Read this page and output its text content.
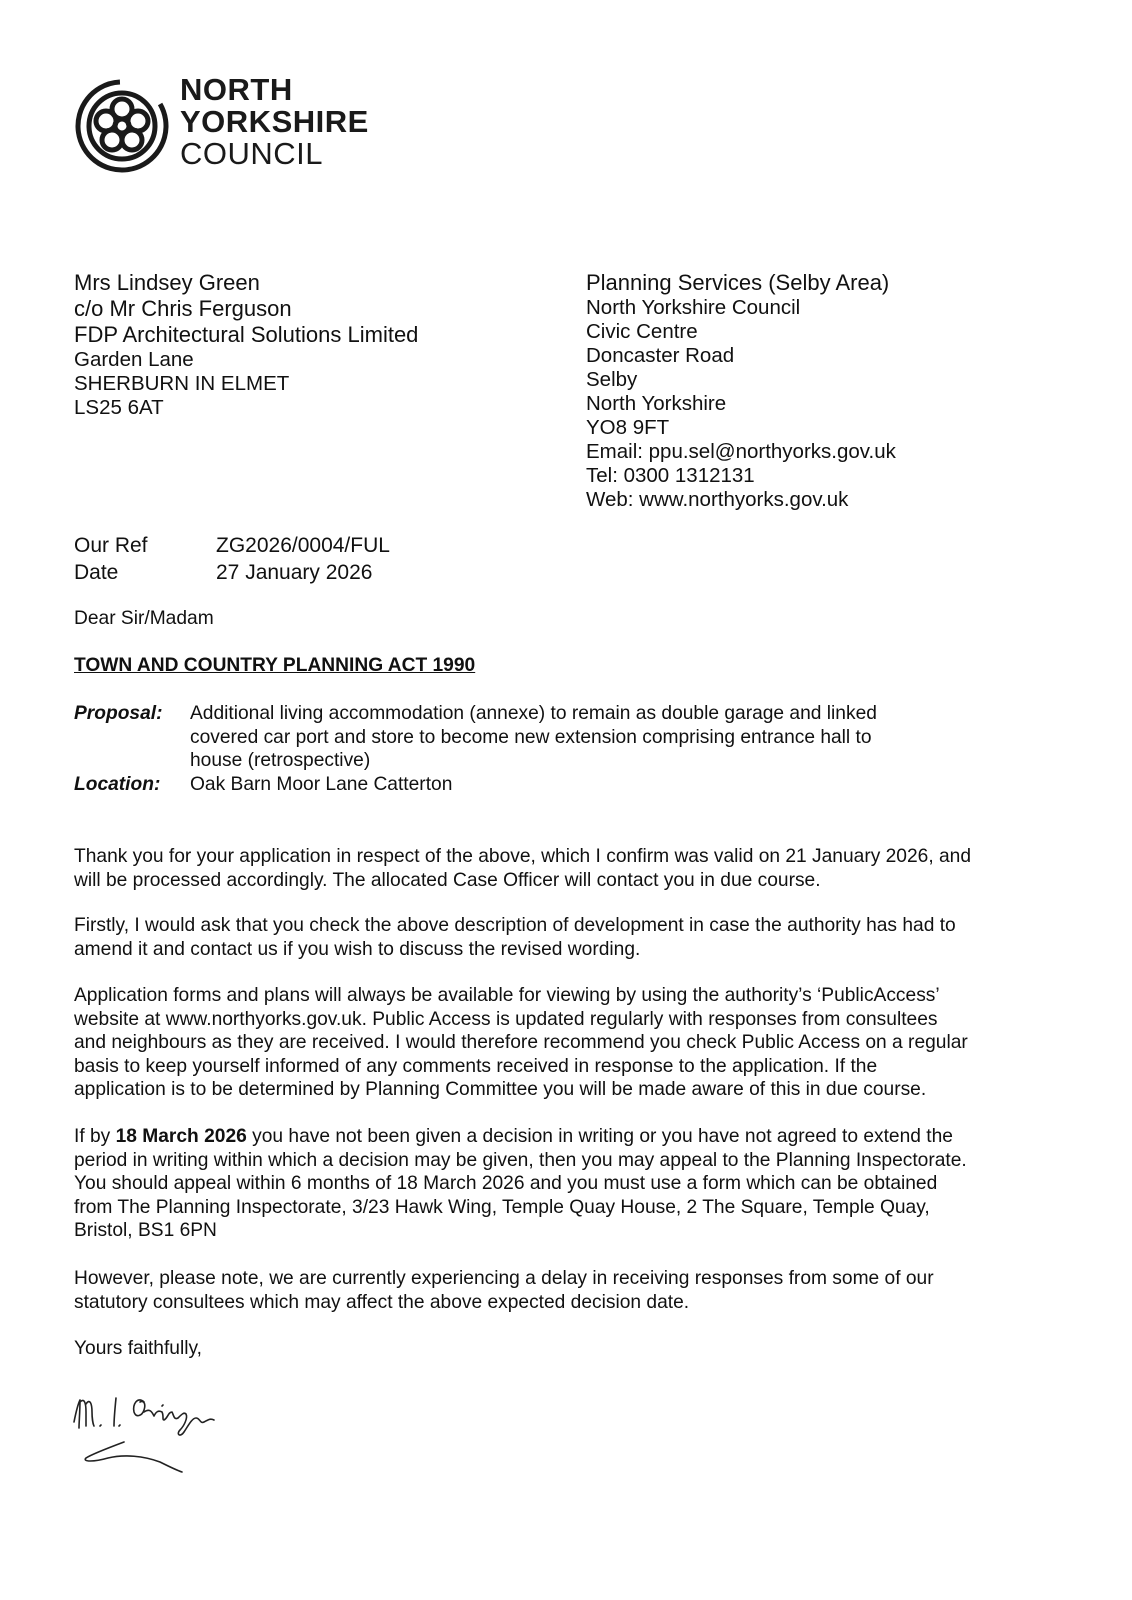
NORTH
YORKSHIRE
COUNCIL
Mrs Lindsey Green
c/o Mr Chris Ferguson
FDP Architectural Solutions Limited
Garden Lane
SHERBURN IN ELMET
LS25 6AT
Planning Services (Selby Area)
North Yorkshire Council
Civic Centre
Doncaster Road
Selby
North Yorkshire
YO8 9FT
Email: ppu.sel@northyorks.gov.uk
Tel: 0300 1312131
Web: www.northyorks.gov.uk
Our Ref	ZG2026/0004/FUL
Date	27 January 2026
Dear Sir/Madam
TOWN AND COUNTRY PLANNING ACT 1990
Proposal:	Additional living accommodation (annexe) to remain as double garage and linked
covered car port and store to become new extension comprising entrance hall to
house (retrospective)
Location:	Oak Barn Moor Lane Catterton
Thank you for your application in respect of the above, which I confirm was valid on 21 January 2026, and
will be processed accordingly. The allocated Case Officer will contact you in due course.
Firstly, I would ask that you check the above description of development in case the authority has had to
amend it and contact us if you wish to discuss the revised wording.
Application forms and plans will always be available for viewing by using the authority’s ‘PublicAccess’
website at www.northyorks.gov.uk. Public Access is updated regularly with responses from consultees
and neighbours as they are received. I would therefore recommend you check Public Access on a regular
basis to keep yourself informed of any comments received in response to the application. If the
application is to be determined by Planning Committee you will be made aware of this in due course.
If by 18 March 2026 you have not been given a decision in writing or you have not agreed to extend the
period in writing within which a decision may be given, then you may appeal to the Planning Inspectorate.
You should appeal within 6 months of 18 March 2026 and you must use a form which can be obtained
from The Planning Inspectorate, 3/23 Hawk Wing, Temple Quay House, 2 The Square, Temple Quay,
Bristol, BS1 6PN
However, please note, we are currently experiencing a delay in receiving responses from some of our
statutory consultees which may affect the above expected decision date.
Yours faithfully,
